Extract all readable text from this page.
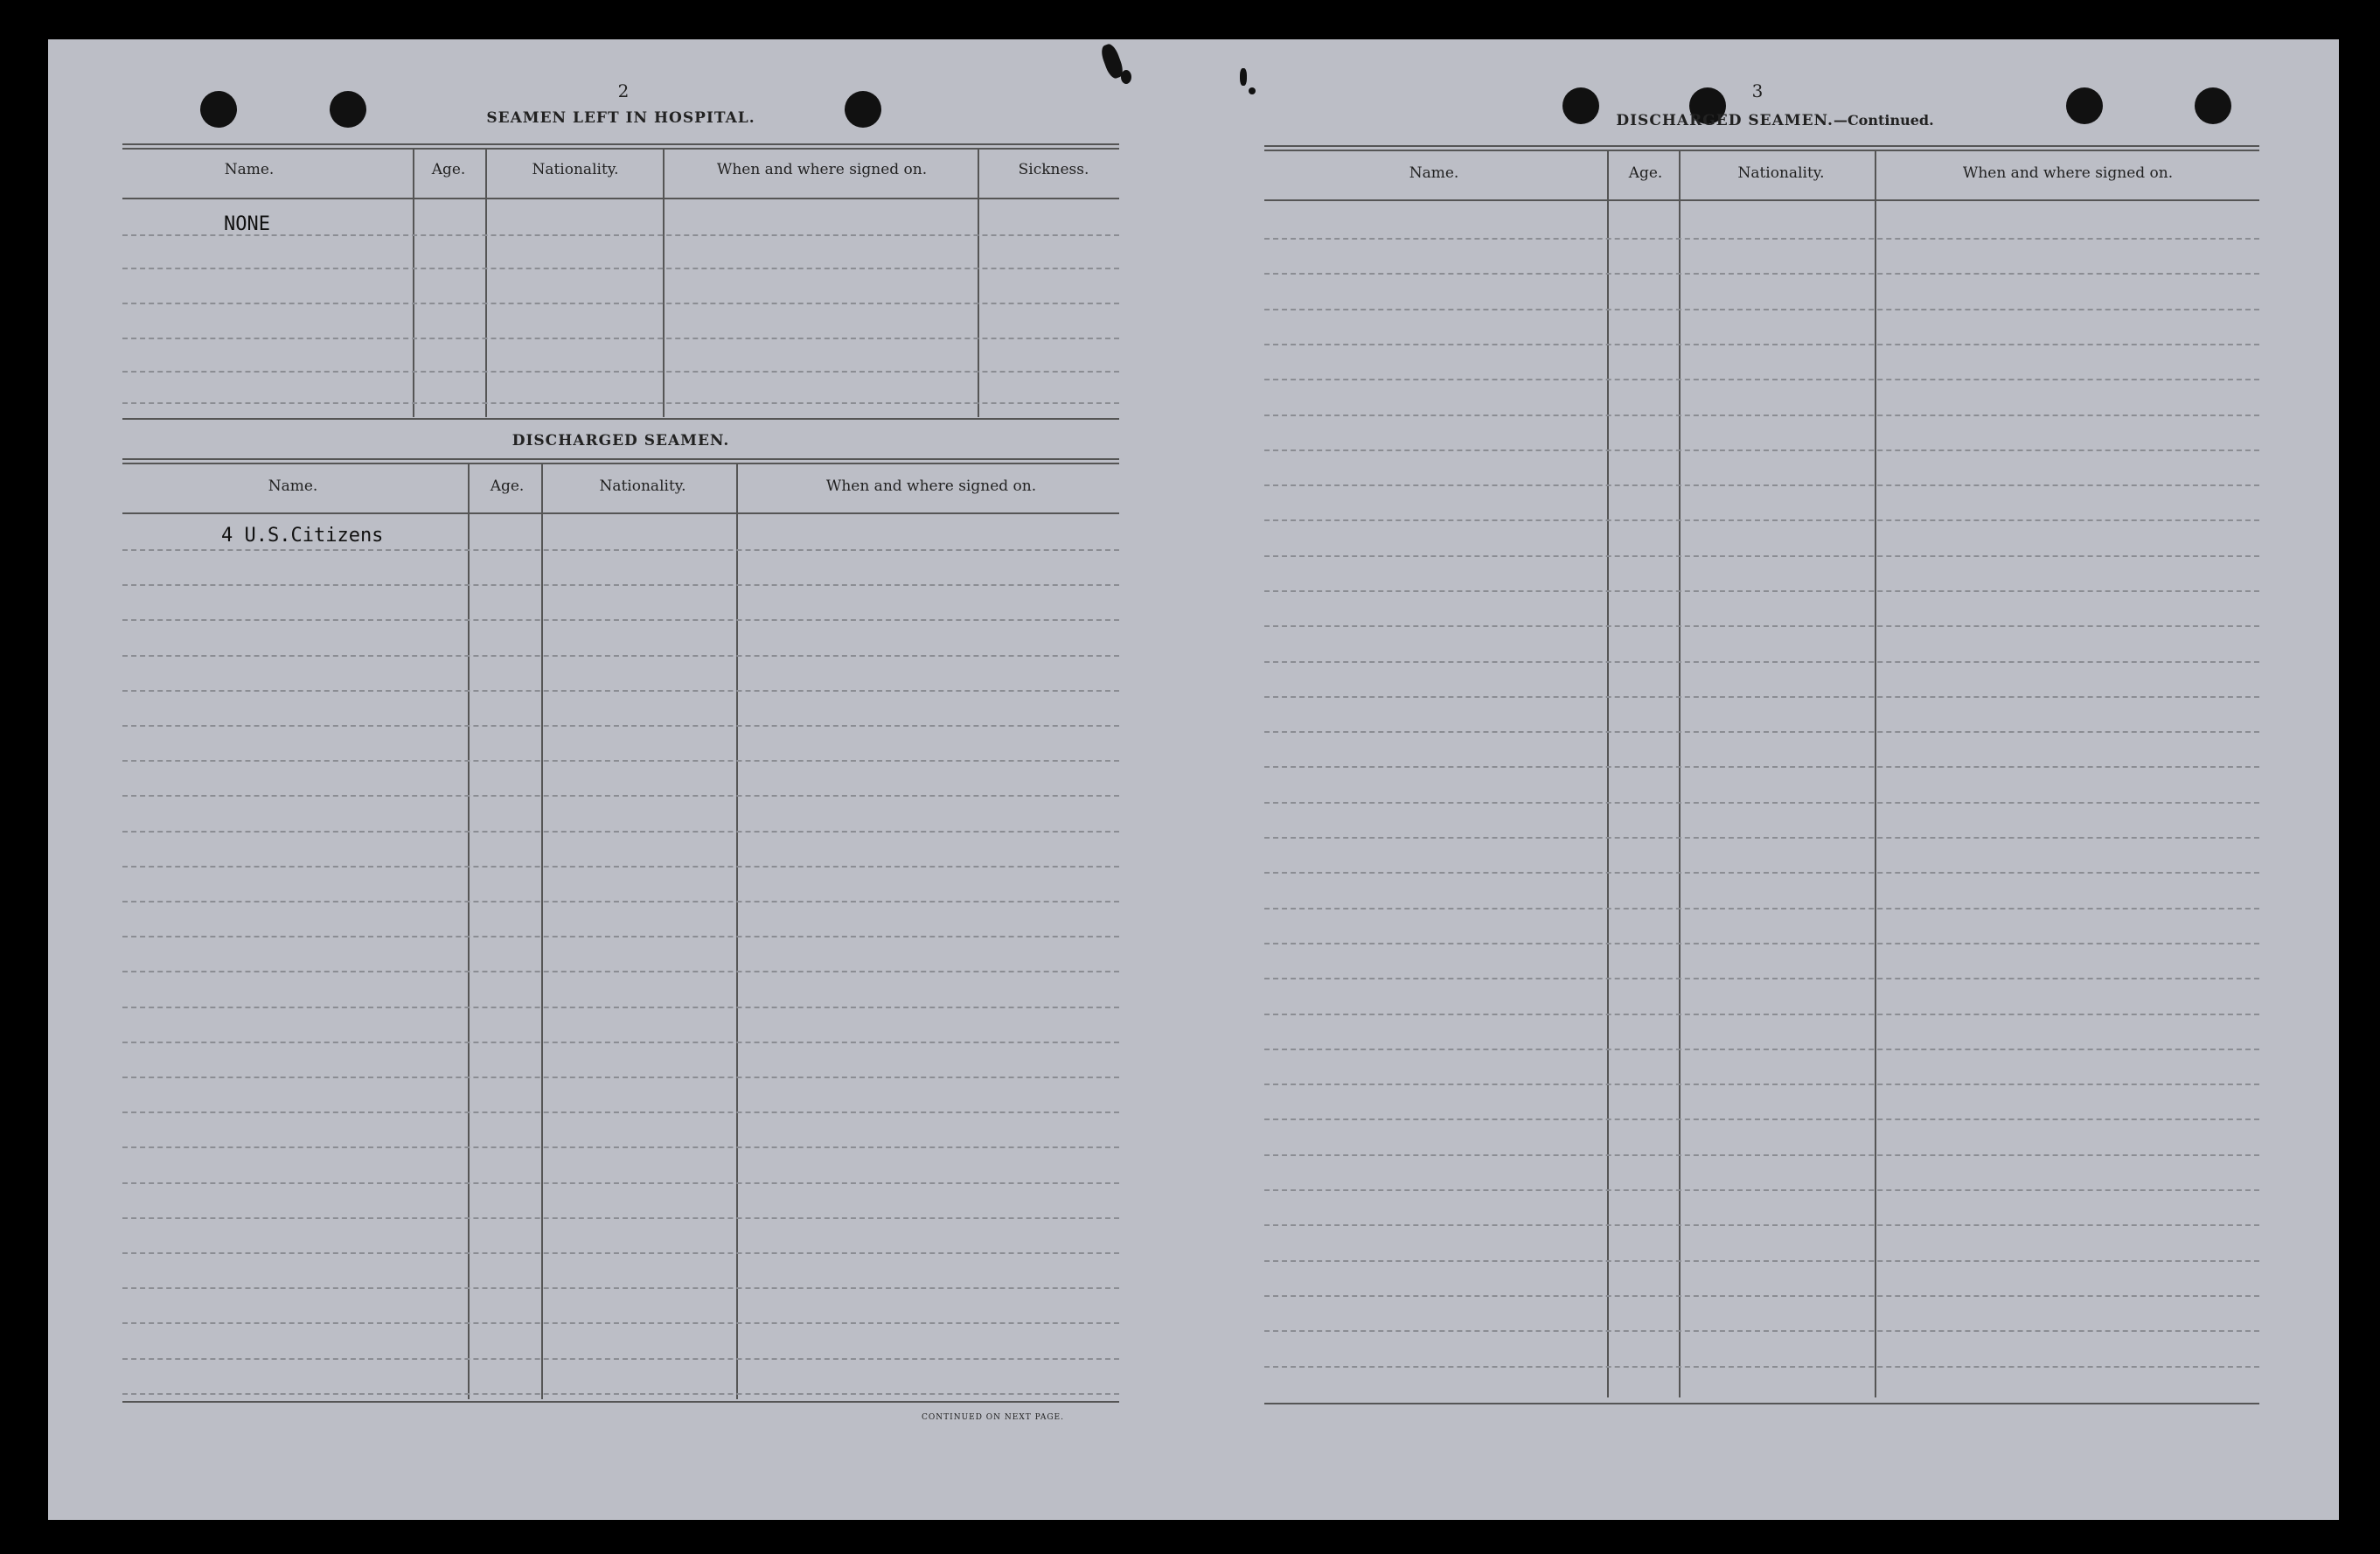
2
SEAMEN LEFT IN HOSPITAL.
Name.	Age.	Nationality.	When and where signed on.	Sickness.
NONE
DISCHARGED SEAMEN.
Name.	Age.	Nationality.	When and where signed on.
4 U.S.Citizens
CONTINUED ON NEXT PAGE.
3
DISCHARGED SEAMEN.—Continued.
Name.	Age.	Nationality.	When and where signed on.
